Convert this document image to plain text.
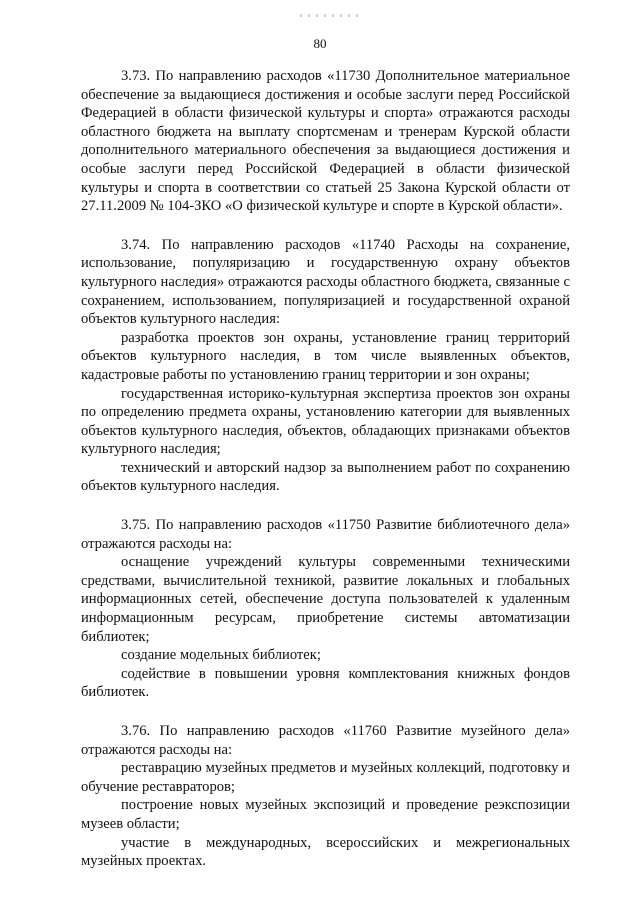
80

3.73. По направлению расходов «11730 Дополнительное материальное обеспечение за выдающиеся достижения и особые заслуги перед Российской Федерацией в области физической культуры и спорта» отражаются расходы областного бюджета на выплату спортсменам и тренерам Курской области дополнительного материального обеспечения за выдающиеся достижения и особые заслуги перед Российской Федерацией в области физической культуры и спорта в соответствии со статьей 25 Закона Курской области от 27.11.2009 № 104-ЗКО «О физической культуре и спорте в Курской области».

3.74. По направлению расходов «11740 Расходы на сохранение, использование, популяризацию и государственную охрану объектов культурного наследия» отражаются расходы областного бюджета, связанные с сохранением, использованием, популяризацией и государственной охраной объектов культурного наследия:

разработка проектов зон охраны, установление границ территорий объектов культурного наследия, в том числе выявленных объектов, кадастровые работы по установлению границ территории и зон охраны;

государственная историко-культурная экспертиза проектов зон охраны по определению предмета охраны, установлению категории для выявленных объектов культурного наследия, объектов, обладающих признаками объектов культурного наследия;

технический и авторский надзор за выполнением работ по сохранению объектов культурного наследия.

3.75. По направлению расходов «11750 Развитие библиотечного дела» отражаются расходы на:

оснащение учреждений культуры современными техническими средствами, вычислительной техникой, развитие локальных и глобальных информационных сетей, обеспечение доступа пользователей к удаленным информационным ресурсам, приобретение системы автоматизации библиотек;

создание модельных библиотек;

содействие в повышении уровня комплектования книжных фондов библиотек.

3.76. По направлению расходов «11760 Развитие музейного дела» отражаются расходы на:

реставрацию музейных предметов и музейных коллекций, подготовку и обучение реставраторов;

построение новых музейных экспозиций и проведение реэкспозиции музеев области;

участие в международных, всероссийских и межрегиональных музейных проектах.
